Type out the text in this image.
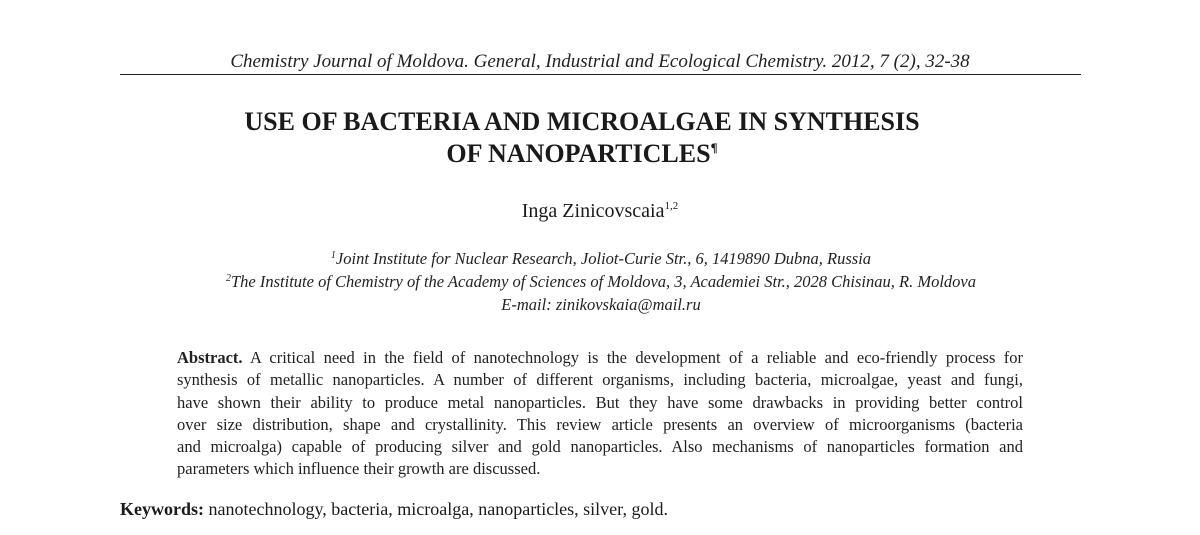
Chemistry Journal of Moldova. General, Industrial and Ecological Chemistry. 2012, 7 (2), 32-38
USE OF BACTERIA AND MICROALGAE IN SYNTHESIS
OF NANOPARTICLES¶
Inga Zinicovscaia$^{1,2}$
$^1$Joint Institute for Nuclear Research, Joliot-Curie Str., 6, 1419890 Dubna, Russia
$^2$The Institute of Chemistry of the Academy of Sciences of Moldova, 3, Academiei Str., 2028 Chisinau, R. Moldova
E-mail: zinikovskaia@mail.ru
Abstract. A critical need in the field of nanotechnology is the development of a reliable and eco-friendly process for
synthesis of metallic nanoparticles. A number of different organisms, including bacteria, microalgae, yeast and fungi,
have shown their ability to produce metal nanoparticles. But they have some drawbacks in providing better control
over size distribution, shape and crystallinity. This review article presents an overview of microorganisms (bacteria
and microalga) capable of producing silver and gold nanoparticles. Also mechanisms of nanoparticles formation and
parameters which influence their growth are discussed.
Keywords: nanotechnology, bacteria, microalga, nanoparticles, silver, gold.
